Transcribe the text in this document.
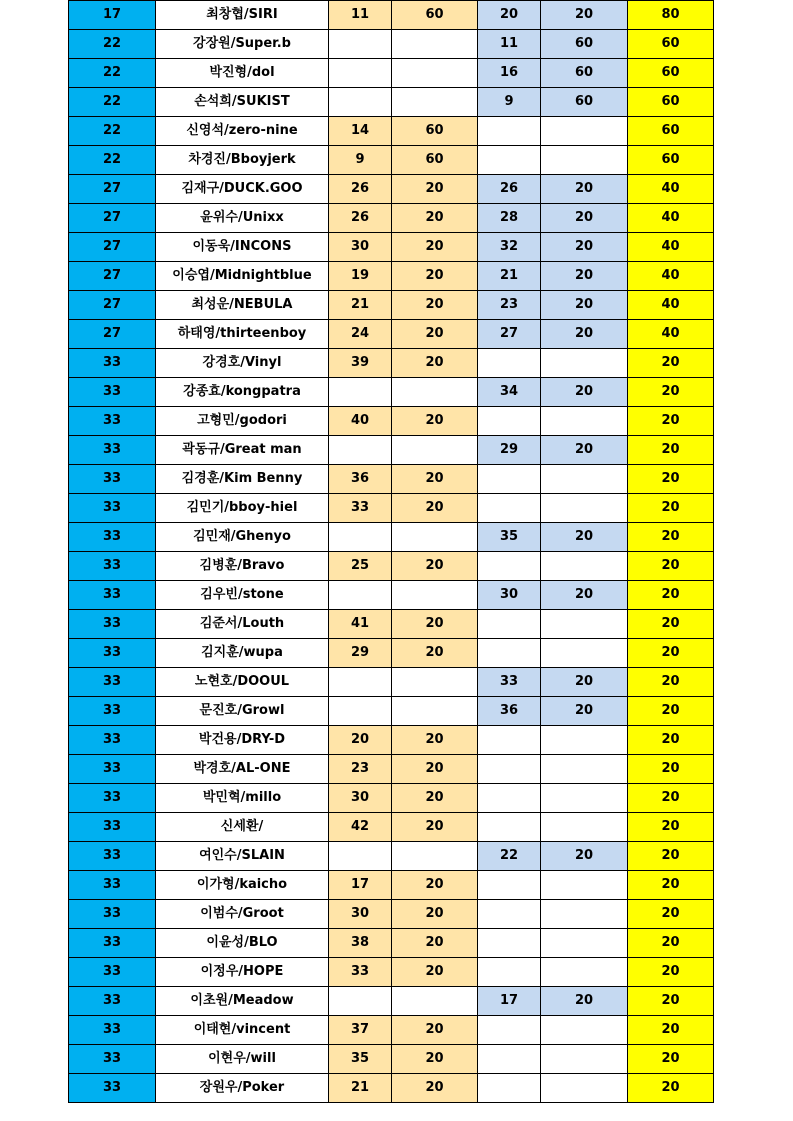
17	최창협/SIRI	11	60	20	20	80
22	강장원/Super.b			11	60	60
22	박진형/dol			16	60	60
22	손석희/SUKIST			9	60	60
22	신영석/zero-nine	14	60			60
22	차경진/Bboyjerk	9	60			60
27	김재구/DUCK.GOO	26	20	26	20	40
27	윤위수/Unixx	26	20	28	20	40
27	이동욱/INCONS	30	20	32	20	40
27	이승엽/Midnightblue	19	20	21	20	40
27	최성운/NEBULA	21	20	23	20	40
27	하태영/thirteenboy	24	20	27	20	40
33	강경호/Vinyl	39	20			20
33	강종효/kongpatra			34	20	20
33	고형민/godori	40	20			20
33	곽동규/Great man			29	20	20
33	김경훈/Kim Benny	36	20			20
33	김민기/bboy-hiel	33	20			20
33	김민재/Ghenyo			35	20	20
33	김병훈/Bravo	25	20			20
33	김우빈/stone			30	20	20
33	김준서/Louth	41	20			20
33	김지훈/wupa	29	20			20
33	노현호/DOOUL			33	20	20
33	문진호/Growl			36	20	20
33	박건용/DRY-D	20	20			20
33	박경호/AL-ONE	23	20			20
33	박민혁/millo	30	20			20
33	신세환/	42	20			20
33	여인수/SLAIN			22	20	20
33	이가형/kaicho	17	20			20
33	이범수/Groot	30	20			20
33	이윤성/BLO	38	20			20
33	이정우/HOPE	33	20			20
33	이초원/Meadow			17	20	20
33	이태현/vincent	37	20			20
33	이현우/will	35	20			20
33	장원우/Poker	21	20			20
